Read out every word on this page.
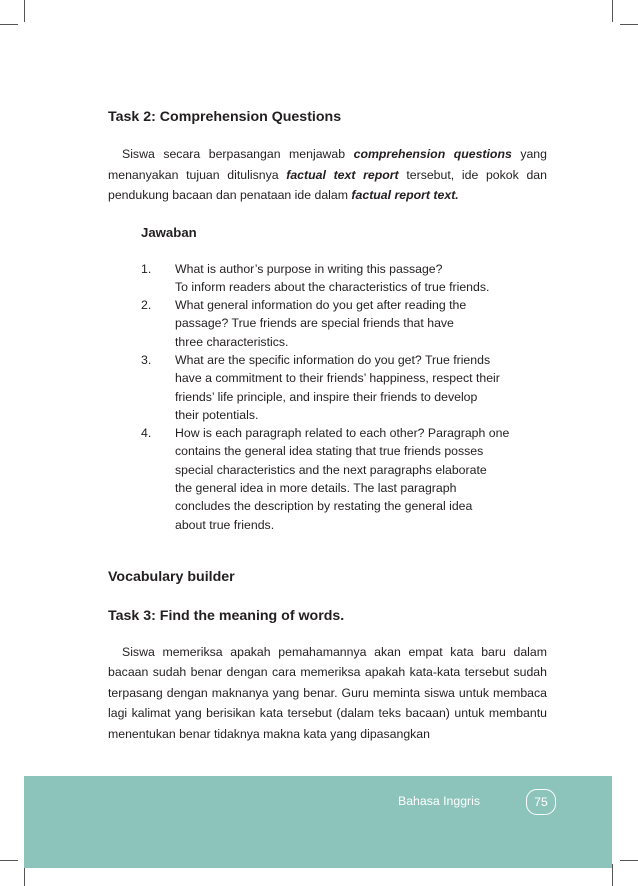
Task 2: Comprehension Questions

Siswa secara berpasangan menjawab comprehension questions yang menanyakan tujuan ditulisnya factual text report tersebut, ide pokok dan pendukung bacaan dan penataan ide dalam factual report text.

Jawaban
1. What is author’s purpose in writing this passage?
To inform readers about the characteristics of true friends.
2. What general information do you get after reading the
passage? True friends are special friends that have
three characteristics.
3. What are the specific information do you get? True friends
have a commitment to their friends’ happiness, respect their
friends’ life principle, and inspire their friends to develop
their potentials.
4. How is each paragraph related to each other? Paragraph one
contains the general idea stating that true friends posses
special characteristics and the next paragraphs elaborate
the general idea in more details. The last paragraph
concludes the description by restating the general idea
about true friends.
Vocabulary builder
Task 3: Find the meaning of words.

Siswa memeriksa apakah pemahamannya akan empat kata baru dalam bacaan sudah benar dengan cara memeriksa apakah kata-kata tersebut sudah terpasang dengan maknanya yang benar. Guru meminta siswa untuk membaca lagi kalimat yang berisikan kata tersebut (dalam teks bacaan) untuk membantu menentukan benar tidaknya makna kata yang dipasangkan

Bahasa Inggris	75
